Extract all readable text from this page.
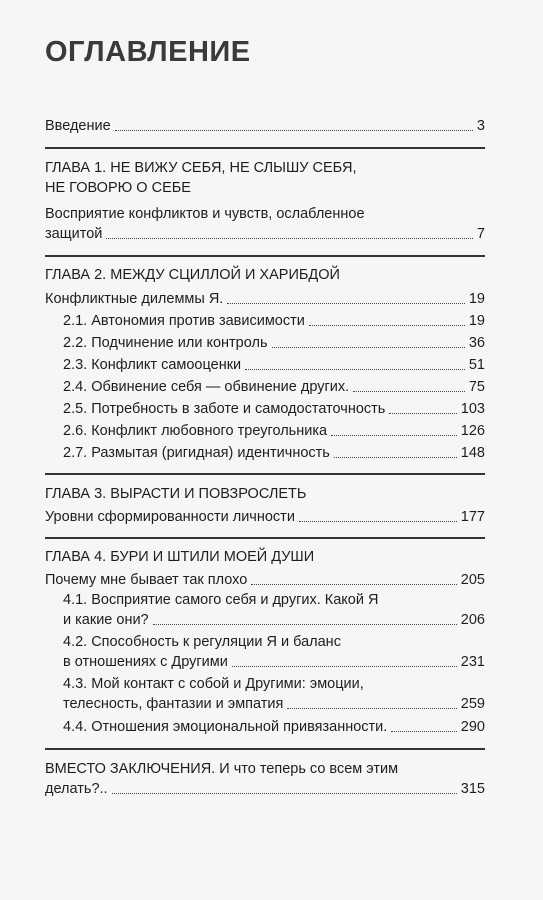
ОГЛАВЛЕНИЕ
Введение	3
ГЛАВА 1. НЕ ВИЖУ СЕБЯ, НЕ СЛЫШУ СЕБЯ,
НЕ ГОВОРЮ О СЕБЕ
Восприятие конфликтов и чувств, ослабленное
защитой	7
ГЛАВА 2. МЕЖДУ СЦИЛЛОЙ И ХАРИБДОЙ
Конфликтные дилеммы Я.	19
2.1. Автономия против зависимости	19
2.2. Подчинение или контроль	36
2.3. Конфликт самооценки	51
2.4. Обвинение себя — обвинение других.	75
2.5. Потребность в заботе и самодостаточность	103
2.6. Конфликт любовного треугольника	126
2.7. Размытая (ригидная) идентичность	148
ГЛАВА 3. ВЫРАСТИ И ПОВЗРОСЛЕТЬ
Уровни сформированности личности	177
ГЛАВА 4. БУРИ И ШТИЛИ МОЕЙ ДУШИ
Почему мне бывает так плохо	205
4.1. Восприятие самого себя и других. Какой Я
и какие они?	206
4.2. Способность к регуляции Я и баланс
в отношениях с Другими	231
4.3. Мой контакт с собой и Другими: эмоции,
телесность, фантазии и эмпатия	259
4.4. Отношения эмоциональной привязанности.	290
ВМЕСТО ЗАКЛЮЧЕНИЯ. И что теперь со всем этим
делать?..	315
